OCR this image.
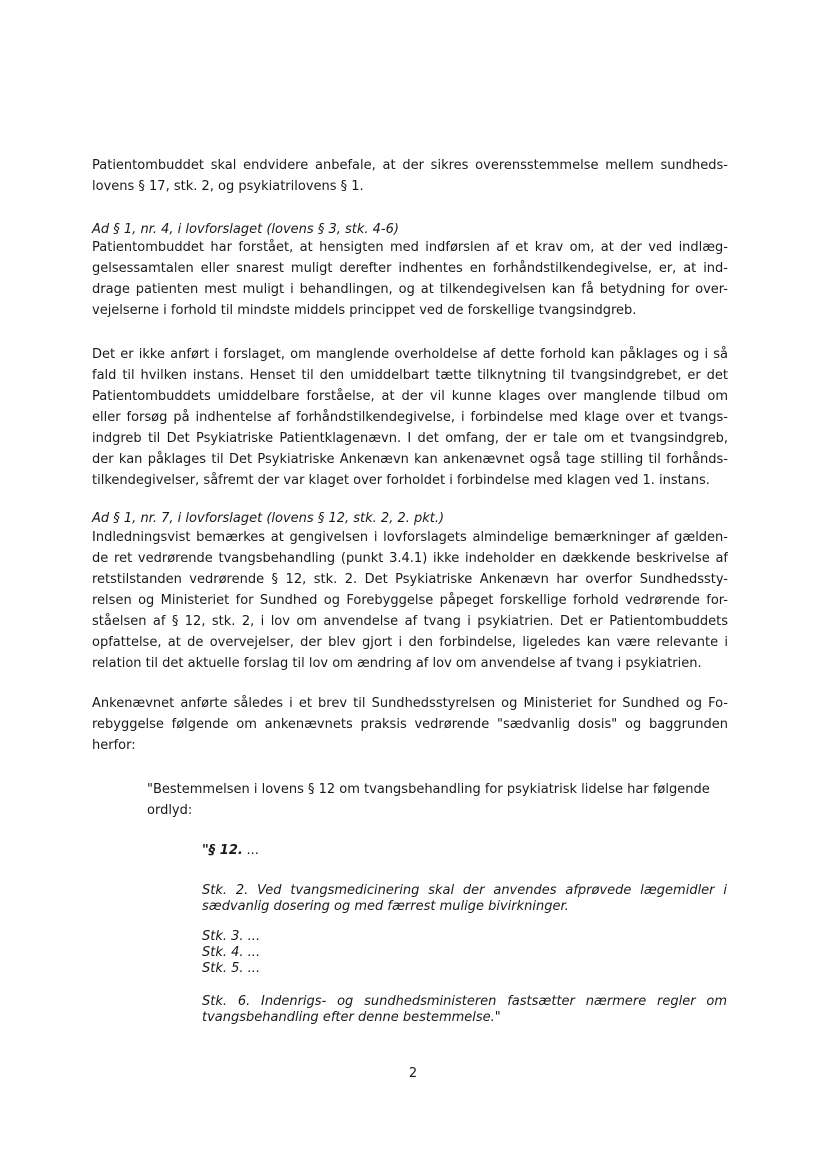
Patientombuddet skal endvidere anbefale, at der sikres overensstemmelse mellem sundheds-
lovens § 17, stk. 2, og psykiatrilovens § 1.
Ad § 1, nr. 4, i lovforslaget (lovens § 3, stk. 4-6)
Patientombuddet har forstået, at hensigten med indførslen af et krav om, at der ved indlæg-
gelsessamtalen eller snarest muligt derefter indhentes en forhåndstilkendegivelse, er, at ind-
drage patienten mest muligt i behandlingen, og at tilkendegivelsen kan få betydning for over-
vejelserne i forhold til mindste middels princippet ved de forskellige tvangsindgreb.
Det er ikke anført i forslaget, om manglende overholdelse af dette forhold kan påklages og i så
fald til hvilken instans. Henset til den umiddelbart tætte tilknytning til tvangsindgrebet, er det
Patientombuddets umiddelbare forståelse, at der vil kunne klages over manglende tilbud om
eller forsøg på indhentelse af forhåndstilkendegivelse, i forbindelse med klage over et tvangs-
indgreb til Det Psykiatriske Patientklagenævn. I det omfang, der er tale om et tvangsindgreb,
der kan påklages til Det Psykiatriske Ankenævn kan ankenævnet også tage stilling til forhånds-
tilkendegivelser, såfremt der var klaget over forholdet i forbindelse med klagen ved 1. instans.
Ad § 1, nr. 7, i lovforslaget (lovens § 12, stk. 2, 2. pkt.)
Indledningsvist bemærkes at gengivelsen i lovforslagets almindelige bemærkninger af gælden-
de ret vedrørende tvangsbehandling (punkt 3.4.1) ikke indeholder en dækkende beskrivelse af
retstilstanden vedrørende § 12, stk. 2. Det Psykiatriske Ankenævn har overfor Sundhedssty-
relsen og Ministeriet for Sundhed og Forebyggelse påpeget forskellige forhold vedrørende for-
ståelsen af § 12, stk. 2, i lov om anvendelse af tvang i psykiatrien. Det er Patientombuddets
opfattelse, at de overvejelser, der blev gjort i den forbindelse, ligeledes kan være relevante i
relation til det aktuelle forslag til lov om ændring af lov om anvendelse af tvang i psykiatrien.
Ankenævnet anførte således i et brev til Sundhedsstyrelsen og Ministeriet for Sundhed og Fo-
rebyggelse følgende om ankenævnets praksis vedrørende "sædvanlig dosis" og baggrunden
herfor:
"Bestemmelsen i lovens § 12 om tvangsbehandling for psykiatrisk lidelse har følgende
ordlyd:
"§ 12. ...
Stk. 2. Ved tvangsmedicinering skal der anvendes afprøvede lægemidler i
sædvanlig dosering og med færrest mulige bivirkninger.
Stk. 3. ...
Stk. 4. ...
Stk. 5. ...
Stk. 6. Indenrigs- og sundhedsministeren fastsætter nærmere regler om
tvangsbehandling efter denne bestemmelse."
2
